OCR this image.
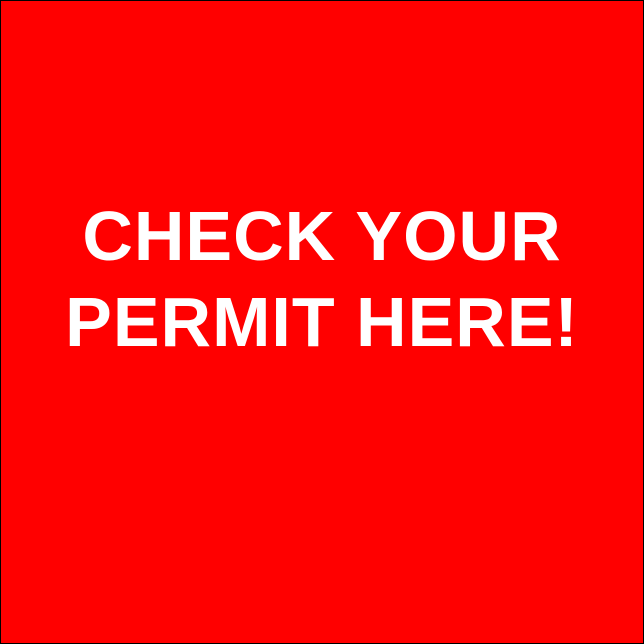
CHECK YOUR
PERMIT HERE!
